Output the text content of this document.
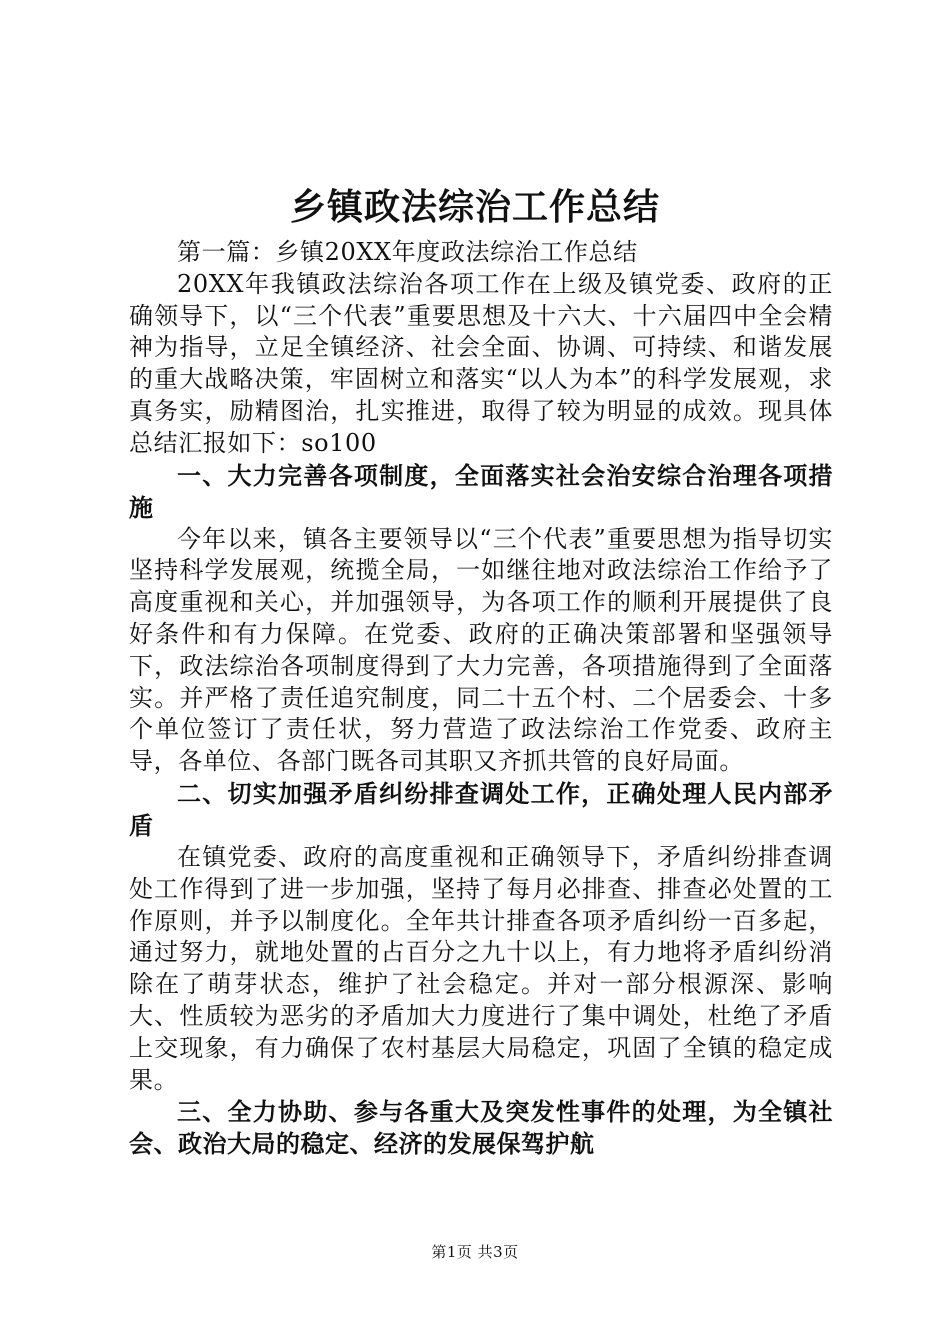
乡镇政法综治工作总结

第一篇：乡镇20XX年度政法综治工作总结

20XX年我镇政法综治各项工作在上级及镇党委、政府的正确领导下，以“三个代表”重要思想及十六大、十六届四中全会精神为指导，立足全镇经济、社会全面、协调、可持续、和谐发展的重大战略决策，牢固树立和落实“以人为本”的科学发展观，求真务实，励精图治，扎实推进，取得了较为明显的成效。现具体总结汇报如下：so100

一、大力完善各项制度，全面落实社会治安综合治理各项措施

今年以来，镇各主要领导以“三个代表”重要思想为指导切实坚持科学发展观，统揽全局，一如继往地对政法综治工作给予了高度重视和关心，并加强领导，为各项工作的顺利开展提供了良好条件和有力保障。在党委、政府的正确决策部署和坚强领导下，政法综治各项制度得到了大力完善，各项措施得到了全面落实。并严格了责任追究制度，同二十五个村、二个居委会、十多个单位签订了责任状，努力营造了政法综治工作党委、政府主导，各单位、各部门既各司其职又齐抓共管的良好局面。

二、切实加强矛盾纠纷排查调处工作，正确处理人民内部矛盾

在镇党委、政府的高度重视和正确领导下，矛盾纠纷排查调处工作得到了进一步加强，坚持了每月必排查、排查必处置的工作原则，并予以制度化。全年共计排查各项矛盾纠纷一百多起，通过努力，就地处置的占百分之九十以上，有力地将矛盾纠纷消除在了萌芽状态，维护了社会稳定。并对一部分根源深、影响大、性质较为恶劣的矛盾加大力度进行了集中调处，杜绝了矛盾上交现象，有力确保了农村基层大局稳定，巩固了全镇的稳定成果。

三、全力协助、参与各重大及突发性事件的处理，为全镇社会、政治大局的稳定、经济的发展保驾护航

第1页 共3页
